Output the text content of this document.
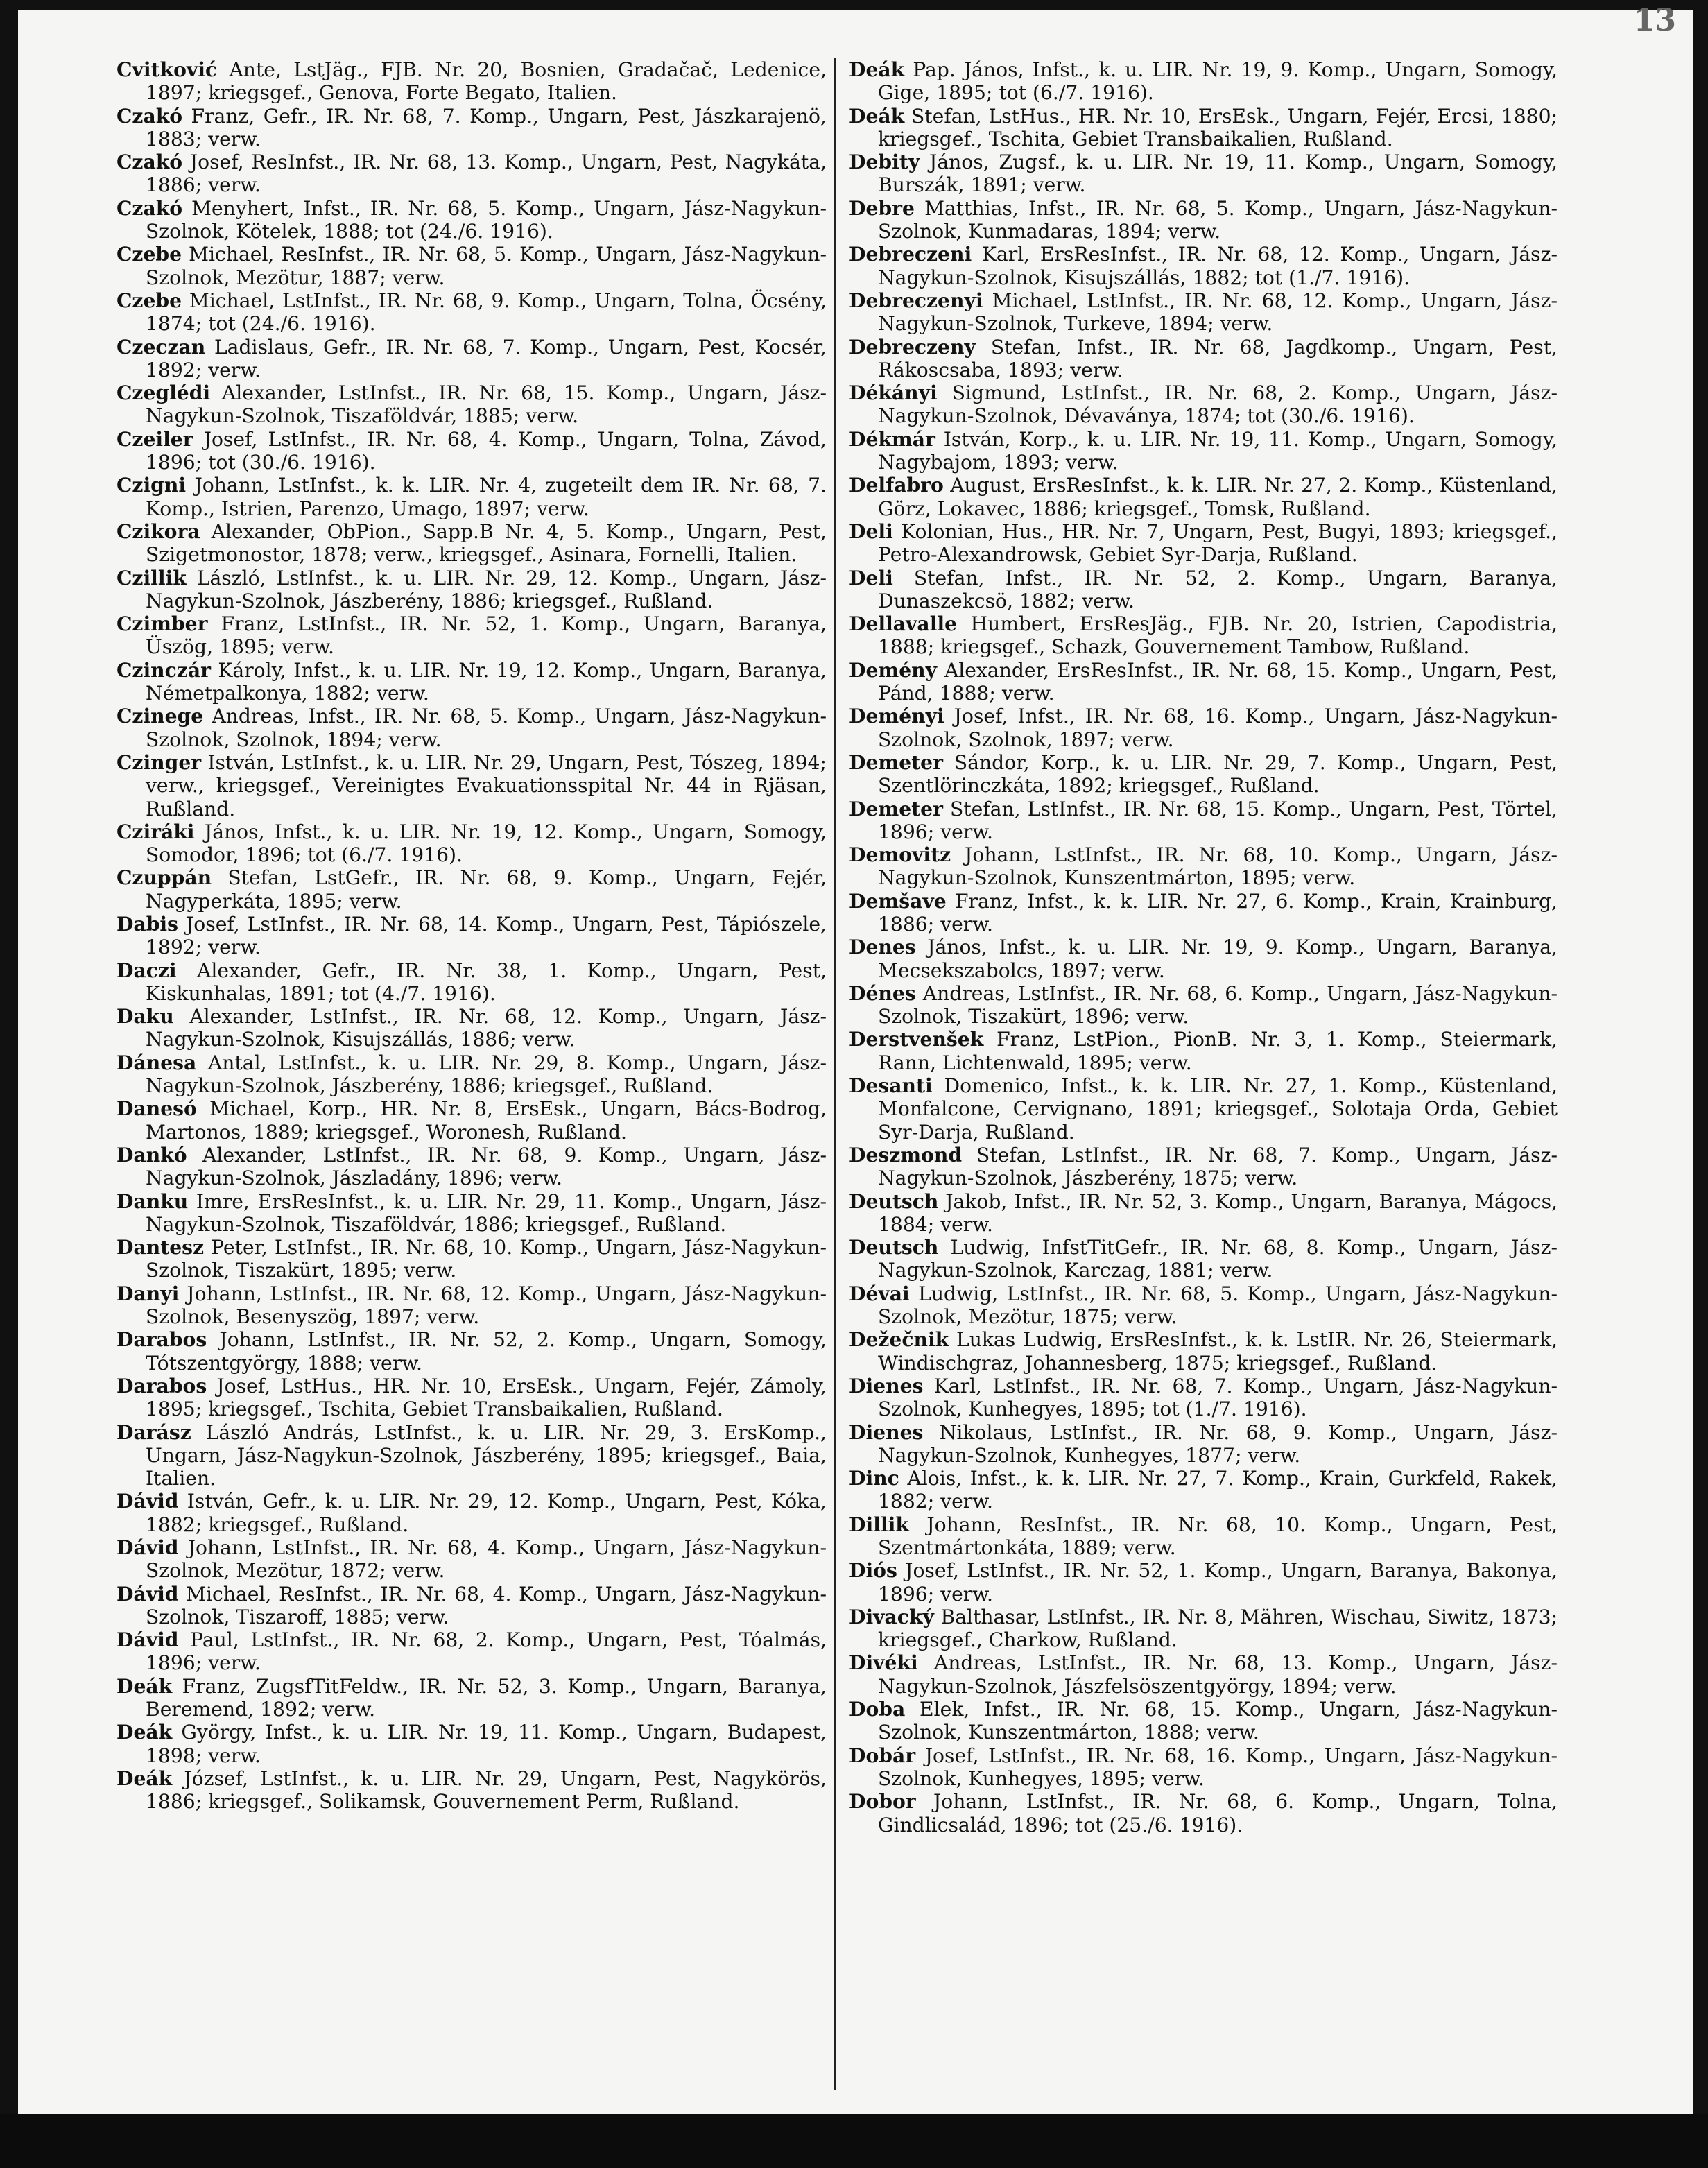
13

Cvitković Ante, LstJäg., FJB. Nr. 20, Bosnien, Gradačač, Ledenice, 1897; kriegsgef., Genova, Forte Begato, Italien.

Czakó Franz, Gefr., IR. Nr. 68, 7. Komp., Ungarn, Pest, Jászkarajenö, 1883; verw.

Czakó Josef, ResInfst., IR. Nr. 68, 13. Komp., Ungarn, Pest, Nagykáta, 1886; verw.

Czakó Menyhert, Infst., IR. Nr. 68, 5. Komp., Ungarn, Jász-Nagykun-Szolnok, Kötelek, 1888; tot (24./6. 1916).

Czebe Michael, ResInfst., IR. Nr. 68, 5. Komp., Ungarn, Jász-Nagykun-Szolnok, Mezötur, 1887; verw.

Czebe Michael, LstInfst., IR. Nr. 68, 9. Komp., Ungarn, Tolna, Öcsény, 1874; tot (24./6. 1916).

Czeczan Ladislaus, Gefr., IR. Nr. 68, 7. Komp., Ungarn, Pest, Kocsér, 1892; verw.

Czeglédi Alexander, LstInfst., IR. Nr. 68, 15. Komp., Ungarn, Jász-Nagykun-Szolnok, Tiszaföldvár, 1885; verw.

Czeiler Josef, LstInfst., IR. Nr. 68, 4. Komp., Ungarn, Tolna, Závod, 1896; tot (30./6. 1916).

Czigni Johann, LstInfst., k. k. LIR. Nr. 4, zugeteilt dem IR. Nr. 68, 7. Komp., Istrien, Parenzo, Umago, 1897; verw.

Czikora Alexander, ObPion., Sapp.B Nr. 4, 5. Komp., Ungarn, Pest, Szigetmonostor, 1878; verw., kriegsgef., Asinara, Fornelli, Italien.

Czillik László, LstInfst., k. u. LIR. Nr. 29, 12. Komp., Ungarn, Jász-Nagykun-Szolnok, Jászberény, 1886; kriegsgef., Rußland.

Czimber Franz, LstInfst., IR. Nr. 52, 1. Komp., Ungarn, Baranya, Üszög, 1895; verw.

Czinczár Károly, Infst., k. u. LIR. Nr. 19, 12. Komp., Ungarn, Baranya, Németpalkonya, 1882; verw.

Czinege Andreas, Infst., IR. Nr. 68, 5. Komp., Ungarn, Jász-Nagykun-Szolnok, Szolnok, 1894; verw.

Czinger István, LstInfst., k. u. LIR. Nr. 29, Ungarn, Pest, Tószeg, 1894; verw., kriegsgef., Vereinigtes Evakuationsspital Nr. 44 in Rjäsan, Rußland.

Cziráki János, Infst., k. u. LIR. Nr. 19, 12. Komp., Ungarn, Somogy, Somodor, 1896; tot (6./7. 1916).

Czuppán Stefan, LstGefr., IR. Nr. 68, 9. Komp., Ungarn, Fejér, Nagyperkáta, 1895; verw.

Dabis Josef, LstInfst., IR. Nr. 68, 14. Komp., Ungarn, Pest, Tápiószele, 1892; verw.

Daczi Alexander, Gefr., IR. Nr. 38, 1. Komp., Ungarn, Pest, Kiskunhalas, 1891; tot (4./7. 1916).

Daku Alexander, LstInfst., IR. Nr. 68, 12. Komp., Ungarn, Jász-Nagykun-Szolnok, Kisujszállás, 1886; verw.

Dánesa Antal, LstInfst., k. u. LIR. Nr. 29, 8. Komp., Ungarn, Jász-Nagykun-Szolnok, Jászberény, 1886; kriegsgef., Rußland.

Danesó Michael, Korp., HR. Nr. 8, ErsEsk., Ungarn, Bács-Bodrog, Martonos, 1889; kriegsgef., Woronesh, Rußland.

Dankó Alexander, LstInfst., IR. Nr. 68, 9. Komp., Ungarn, Jász-Nagykun-Szolnok, Jászladány, 1896; verw.

Danku Imre, ErsResInfst., k. u. LIR. Nr. 29, 11. Komp., Ungarn, Jász-Nagykun-Szolnok, Tiszaföldvár, 1886; kriegsgef., Rußland.

Dantesz Peter, LstInfst., IR. Nr. 68, 10. Komp., Ungarn, Jász-Nagykun-Szolnok, Tiszakürt, 1895; verw.

Danyi Johann, LstInfst., IR. Nr. 68, 12. Komp., Ungarn, Jász-Nagykun-Szolnok, Besenyszög, 1897; verw.

Darabos Johann, LstInfst., IR. Nr. 52, 2. Komp., Ungarn, Somogy, Tótszentgyörgy, 1888; verw.

Darabos Josef, LstHus., HR. Nr. 10, ErsEsk., Ungarn, Fejér, Zámoly, 1895; kriegsgef., Tschita, Gebiet Transbaikalien, Rußland.

Darász László András, LstInfst., k. u. LIR. Nr. 29, 3. ErsKomp., Ungarn, Jász-Nagykun-Szolnok, Jászberény, 1895; kriegsgef., Baia, Italien.

Dávid István, Gefr., k. u. LIR. Nr. 29, 12. Komp., Ungarn, Pest, Kóka, 1882; kriegsgef., Rußland.

Dávid Johann, LstInfst., IR. Nr. 68, 4. Komp., Ungarn, Jász-Nagykun-Szolnok, Mezötur, 1872; verw.

Dávid Michael, ResInfst., IR. Nr. 68, 4. Komp., Ungarn, Jász-Nagykun-Szolnok, Tiszaroff, 1885; verw.

Dávid Paul, LstInfst., IR. Nr. 68, 2. Komp., Ungarn, Pest, Tóalmás, 1896; verw.

Deák Franz, ZugsfTitFeldw., IR. Nr. 52, 3. Komp., Ungarn, Baranya, Beremend, 1892; verw.

Deák György, Infst., k. u. LIR. Nr. 19, 11. Komp., Ungarn, Budapest, 1898; verw.

Deák József, LstInfst., k. u. LIR. Nr. 29, Ungarn, Pest, Nagykörös, 1886; kriegsgef., Solikamsk, Gouvernement Perm, Rußland.

Deák Pap. János, Infst., k. u. LIR. Nr. 19, 9. Komp., Ungarn, Somogy, Gige, 1895; tot (6./7. 1916).

Deák Stefan, LstHus., HR. Nr. 10, ErsEsk., Ungarn, Fejér, Ercsi, 1880; kriegsgef., Tschita, Gebiet Transbaikalien, Rußland.

Debity János, Zugsf., k. u. LIR. Nr. 19, 11. Komp., Ungarn, Somogy, Burszák, 1891; verw.

Debre Matthias, Infst., IR. Nr. 68, 5. Komp., Ungarn, Jász-Nagykun-Szolnok, Kunmadaras, 1894; verw.

Debreczeni Karl, ErsResInfst., IR. Nr. 68, 12. Komp., Ungarn, Jász-Nagykun-Szolnok, Kisujszállás, 1882; tot (1./7. 1916).

Debreczenyi Michael, LstInfst., IR. Nr. 68, 12. Komp., Ungarn, Jász-Nagykun-Szolnok, Turkeve, 1894; verw.

Debreczeny Stefan, Infst., IR. Nr. 68, Jagdkomp., Ungarn, Pest, Rákoscsaba, 1893; verw.

Dékányi Sigmund, LstInfst., IR. Nr. 68, 2. Komp., Ungarn, Jász-Nagykun-Szolnok, Dévaványa, 1874; tot (30./6. 1916).

Dékmár István, Korp., k. u. LIR. Nr. 19, 11. Komp., Ungarn, Somogy, Nagybajom, 1893; verw.

Delfabro August, ErsResInfst., k. k. LIR. Nr. 27, 2. Komp., Küstenland, Görz, Lokavec, 1886; kriegsgef., Tomsk, Rußland.

Deli Kolonian, Hus., HR. Nr. 7, Ungarn, Pest, Bugyi, 1893; kriegsgef., Petro-Alexandrowsk, Gebiet Syr-Darja, Rußland.

Deli Stefan, Infst., IR. Nr. 52, 2. Komp., Ungarn, Baranya, Dunaszekcsö, 1882; verw.

Dellavalle Humbert, ErsResJäg., FJB. Nr. 20, Istrien, Capodistria, 1888; kriegsgef., Schazk, Gouvernement Tambow, Rußland.

Demény Alexander, ErsResInfst., IR. Nr. 68, 15. Komp., Ungarn, Pest, Pánd, 1888; verw.

Deményi Josef, Infst., IR. Nr. 68, 16. Komp., Ungarn, Jász-Nagykun-Szolnok, Szolnok, 1897; verw.

Demeter Sándor, Korp., k. u. LIR. Nr. 29, 7. Komp., Ungarn, Pest, Szentlörinczkáta, 1892; kriegsgef., Rußland.

Demeter Stefan, LstInfst., IR. Nr. 68, 15. Komp., Ungarn, Pest, Törtel, 1896; verw.

Demovitz Johann, LstInfst., IR. Nr. 68, 10. Komp., Ungarn, Jász-Nagykun-Szolnok, Kunszentmárton, 1895; verw.

Demšave Franz, Infst., k. k. LIR. Nr. 27, 6. Komp., Krain, Krainburg, 1886; verw.

Denes János, Infst., k. u. LIR. Nr. 19, 9. Komp., Ungarn, Baranya, Mecsekszabolcs, 1897; verw.

Dénes Andreas, LstInfst., IR. Nr. 68, 6. Komp., Ungarn, Jász-Nagykun-Szolnok, Tiszakürt, 1896; verw.

Derstvenšek Franz, LstPion., PionB. Nr. 3, 1. Komp., Steiermark, Rann, Lichtenwald, 1895; verw.

Desanti Domenico, Infst., k. k. LIR. Nr. 27, 1. Komp., Küstenland, Monfalcone, Cervignano, 1891; kriegsgef., Solotaja Orda, Gebiet Syr-Darja, Rußland.

Deszmond Stefan, LstInfst., IR. Nr. 68, 7. Komp., Ungarn, Jász-Nagykun-Szolnok, Jászberény, 1875; verw.

Deutsch Jakob, Infst., IR. Nr. 52, 3. Komp., Ungarn, Baranya, Mágocs, 1884; verw.

Deutsch Ludwig, InfstTitGefr., IR. Nr. 68, 8. Komp., Ungarn, Jász-Nagykun-Szolnok, Karczag, 1881; verw.

Dévai Ludwig, LstInfst., IR. Nr. 68, 5. Komp., Ungarn, Jász-Nagykun-Szolnok, Mezötur, 1875; verw.

Dežečnik Lukas Ludwig, ErsResInfst., k. k. LstIR. Nr. 26, Steiermark, Windischgraz, Johannesberg, 1875; kriegsgef., Rußland.

Dienes Karl, LstInfst., IR. Nr. 68, 7. Komp., Ungarn, Jász-Nagykun-Szolnok, Kunhegyes, 1895; tot (1./7. 1916).

Dienes Nikolaus, LstInfst., IR. Nr. 68, 9. Komp., Ungarn, Jász-Nagykun-Szolnok, Kunhegyes, 1877; verw.

Dinc Alois, Infst., k. k. LIR. Nr. 27, 7. Komp., Krain, Gurkfeld, Rakek, 1882; verw.

Dillik Johann, ResInfst., IR. Nr. 68, 10. Komp., Ungarn, Pest, Szentmártonkáta, 1889; verw.

Diós Josef, LstInfst., IR. Nr. 52, 1. Komp., Ungarn, Baranya, Bakonya, 1896; verw.

Divacký Balthasar, LstInfst., IR. Nr. 8, Mähren, Wischau, Siwitz, 1873; kriegsgef., Charkow, Rußland.

Divéki Andreas, LstInfst., IR. Nr. 68, 13. Komp., Ungarn, Jász-Nagykun-Szolnok, Jászfelsöszentgyörgy, 1894; verw.

Doba Elek, Infst., IR. Nr. 68, 15. Komp., Ungarn, Jász-Nagykun-Szolnok, Kunszentmárton, 1888; verw.

Dobár Josef, LstInfst., IR. Nr. 68, 16. Komp., Ungarn, Jász-Nagykun-Szolnok, Kunhegyes, 1895; verw.

Dobor Johann, LstInfst., IR. Nr. 68, 6. Komp., Ungarn, Tolna, Gindlicsalád, 1896; tot (25./6. 1916).
